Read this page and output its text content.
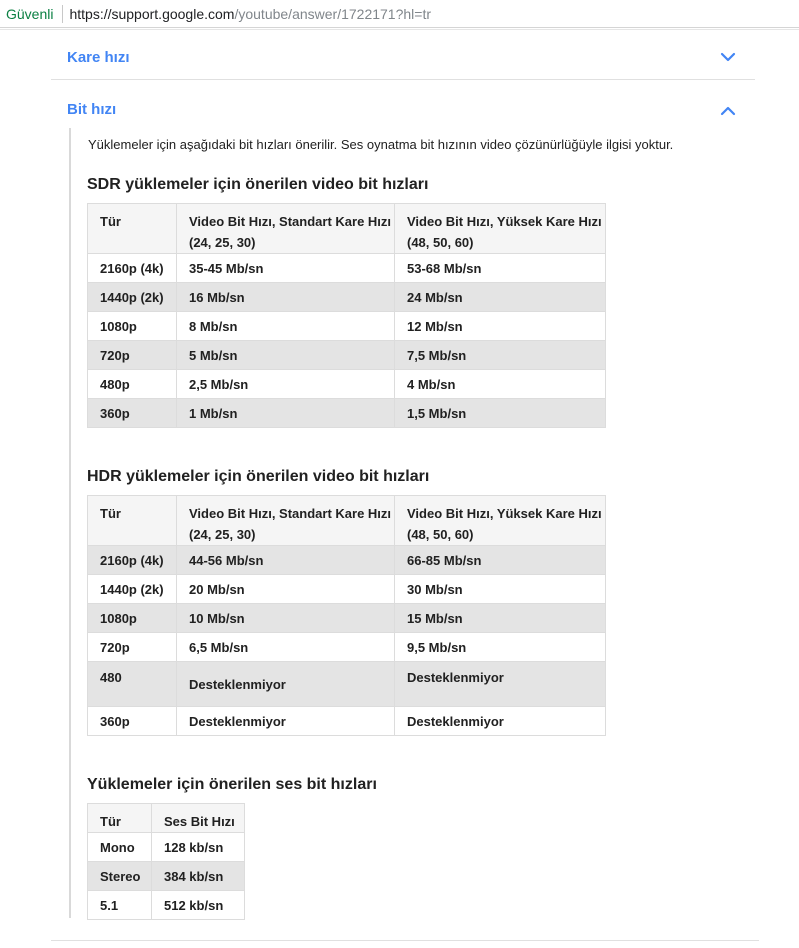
Güvenli https://support.google.com /youtube/answer/1722171?hl=tr
Kare hızı
Bit hızı
Yüklemeler için aşağıdaki bit hızları önerilir. Ses oynatma bit hızının video çözünürlüğüyle ilgisi yoktur.
SDR yüklemeler için önerilen video bit hızları
Tür	Video Bit Hızı, Standart Kare Hızı (24, 25, 30)	Video Bit Hızı, Yüksek Kare Hızı (48, 50, 60)
2160p (4k)	35-45 Mb/sn	53-68 Mb/sn
1440p (2k)	16 Mb/sn	24 Mb/sn
1080p	8 Mb/sn	12 Mb/sn
720p	5 Mb/sn	7,5 Mb/sn
480p	2,5 Mb/sn	4 Mb/sn
360p	1 Mb/sn	1,5 Mb/sn
HDR yüklemeler için önerilen video bit hızları
Tür	Video Bit Hızı, Standart Kare Hızı (24, 25, 30)	Video Bit Hızı, Yüksek Kare Hızı (48, 50, 60)
2160p (4k)	44-56 Mb/sn	66-85 Mb/sn
1440p (2k)	20 Mb/sn	30 Mb/sn
1080p	10 Mb/sn	15 Mb/sn
720p	6,5 Mb/sn	9,5 Mb/sn
480	Desteklenmiyor	Desteklenmiyor
360p	Desteklenmiyor	Desteklenmiyor
Yüklemeler için önerilen ses bit hızları
Tür	Ses Bit Hızı
Mono	128 kb/sn
Stereo	384 kb/sn
5.1	512 kb/sn
